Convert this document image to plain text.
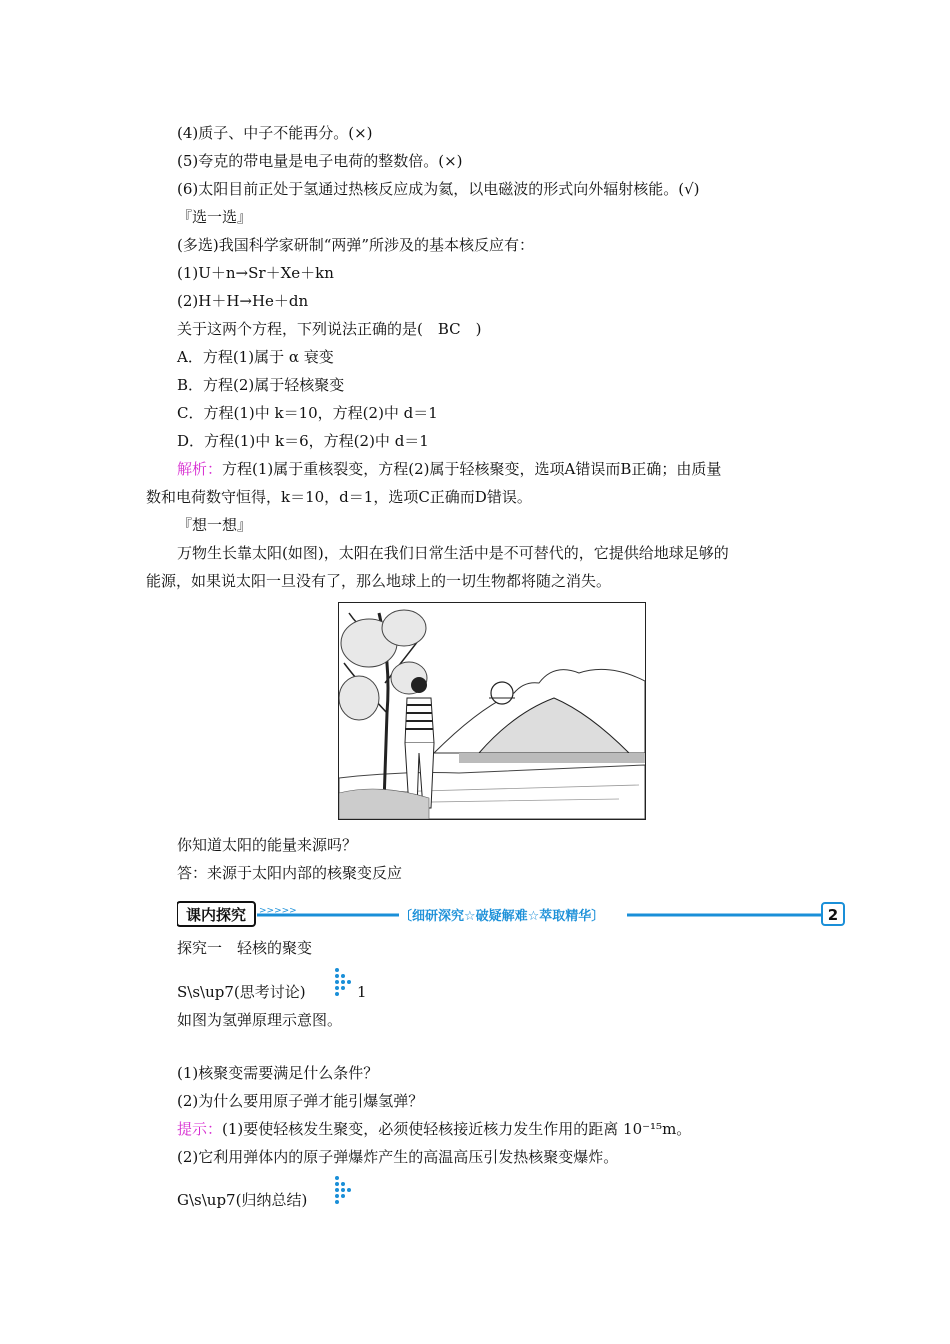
(4)质子、中子不能再分。(×)
(5)夸克的带电量是电子电荷的整数倍。(×)
(6)太阳目前正处于氢通过热核反应成为氦，以电磁波的形式向外辐射核能。(√)
『选一选』
(多选)我国科学家研制“两弹”所涉及的基本核反应有：
(1)U＋n→Sr＋Xe＋kn
(2)H＋H→He＋dn
关于这两个方程，下列说法正确的是(　BC　)
A．方程(1)属于 α 衰变
B．方程(2)属于轻核聚变
C．方程(1)中 k＝10，方程(2)中 d＝1
D．方程(1)中 k＝6，方程(2)中 d＝1
解析：方程(1)属于重核裂变，方程(2)属于轻核聚变，选项A错误而B正确；由质量
数和电荷数守恒得，k＝10，d＝1，选项C正确而D错误。
『想一想』
万物生长靠太阳(如图)，太阳在我们日常生活中是不可替代的，它提供给地球足够的
能源，如果说太阳一旦没有了，那么地球上的一切生物都将随之消失。
你知道太阳的能量来源吗？
答：来源于太阳内部的核聚变反应
课内探究 >>>>>	〔细研深究☆破疑解难☆萃取精华〕	2
探究一　轻核的聚变
S\s\up7(思考讨论)	1
如图为氢弹原理示意图。
(1)核聚变需要满足什么条件？
(2)为什么要用原子弹才能引爆氢弹？
提示：(1)要使轻核发生聚变，必须使轻核接近核力发生作用的距离 10⁻¹⁵m。
(2)它利用弹体内的原子弹爆炸产生的高温高压引发热核聚变爆炸。
G\s\up7(归纳总结)
